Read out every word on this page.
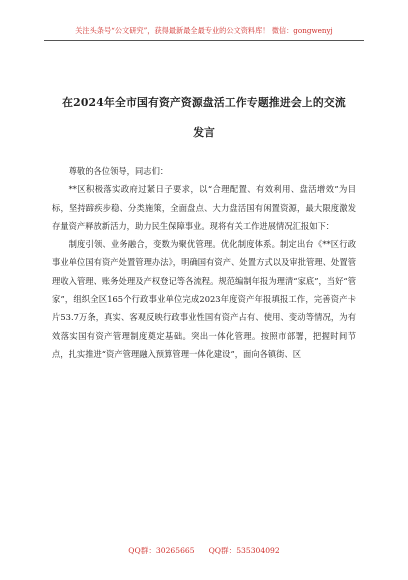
关注头条号“公文研究”，获得最新最全最专业的公文资料库！ 微信：gongwenyj
在2024年全市国有资产资源盘活工作专题推进会上的交流
发言

尊敬的各位领导，同志们：

**区积极落实政府过紧日子要求，以“合理配置、有效利用、盘活增效”为目标，坚持蹄疾步稳、分类施策，全面盘点、大力盘活国有闲置资源，最大限度激发存量资产释放新活力，助力民生保障事业。现将有关工作进展情况汇报如下：

制度引领、业务融合，变数为聚优管理。优化制度体系。制定出台《**区行政事业单位国有资产处置管理办法》，明确国有资产、处置方式以及审批管理、处置管理收入管理、账务处理及产权登记等各流程。规范编制年报为理清“家底”，当好“管家”，组织全区165个行政事业单位完成2023年度资产年报填报工作，完善资产卡片53.7万条，真实、客观反映行政事业性国有资产占有、使用、变动等情况，为有效落实国有资产管理制度奠定基础。突出一体化管理。按照市部署，把握时间节点，扎实推进“资产管理融入预算管理一体化建设”，面向各镇街、区

QQ群：30265665 QQ群：535304092
